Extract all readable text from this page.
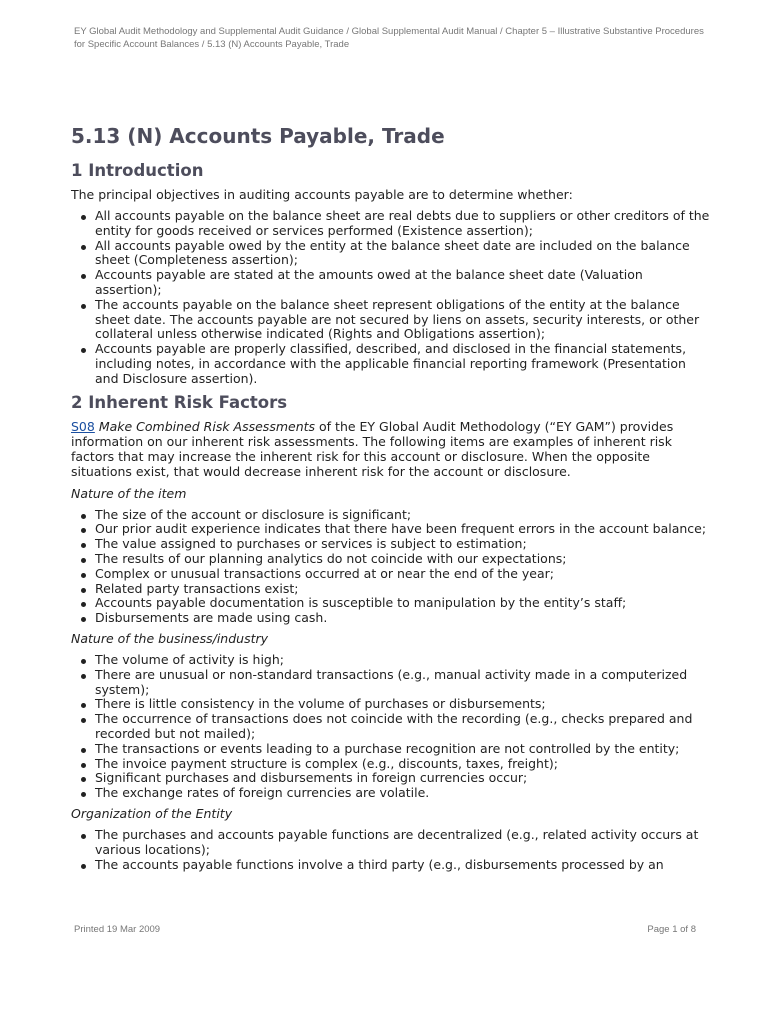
EY Global Audit Methodology and Supplemental Audit Guidance / Global Supplemental Audit Manual / Chapter 5 – Illustrative Substantive Procedures for Specific Account Balances / 5.13 (N) Accounts Payable, Trade
5.13 (N) Accounts Payable, Trade
1 Introduction

The principal objectives in auditing accounts payable are to determine whether:

All accounts payable on the balance sheet are real debts due to suppliers or other creditors of the entity for goods received or services performed (Existence assertion);
All accounts payable owed by the entity at the balance sheet date are included on the balance sheet (Completeness assertion);
Accounts payable are stated at the amounts owed at the balance sheet date (Valuation assertion);
The accounts payable on the balance sheet represent obligations of the entity at the balance sheet date. The accounts payable are not secured by liens on assets, security interests, or other collateral unless otherwise indicated (Rights and Obligations assertion);
Accounts payable are properly classified, described, and disclosed in the financial statements, including notes, in accordance with the applicable financial reporting framework (Presentation and Disclosure assertion).
2 Inherent Risk Factors

S08 Make Combined Risk Assessments of the EY Global Audit Methodology (“EY GAM”) provides information on our inherent risk assessments. The following items are examples of inherent risk factors that may increase the inherent risk for this account or disclosure. When the opposite situations exist, that would decrease inherent risk for the account or disclosure.

Nature of the item
The size of the account or disclosure is significant;
Our prior audit experience indicates that there have been frequent errors in the account balance;
The value assigned to purchases or services is subject to estimation;
The results of our planning analytics do not coincide with our expectations;
Complex or unusual transactions occurred at or near the end of the year;
Related party transactions exist;
Accounts payable documentation is susceptible to manipulation by the entity’s staff;
Disbursements are made using cash.
Nature of the business/industry
The volume of activity is high;
There are unusual or non-standard transactions (e.g., manual activity made in a computerized system);
There is little consistency in the volume of purchases or disbursements;
The occurrence of transactions does not coincide with the recording (e.g., checks prepared and recorded but not mailed);
The transactions or events leading to a purchase recognition are not controlled by the entity;
The invoice payment structure is complex (e.g., discounts, taxes, freight);
Significant purchases and disbursements in foreign currencies occur;
The exchange rates of foreign currencies are volatile.
Organization of the Entity
The purchases and accounts payable functions are decentralized (e.g., related activity occurs at various locations);
The accounts payable functions involve a third party (e.g., disbursements processed by an
Printed 19 Mar 2009	Page 1 of 8
